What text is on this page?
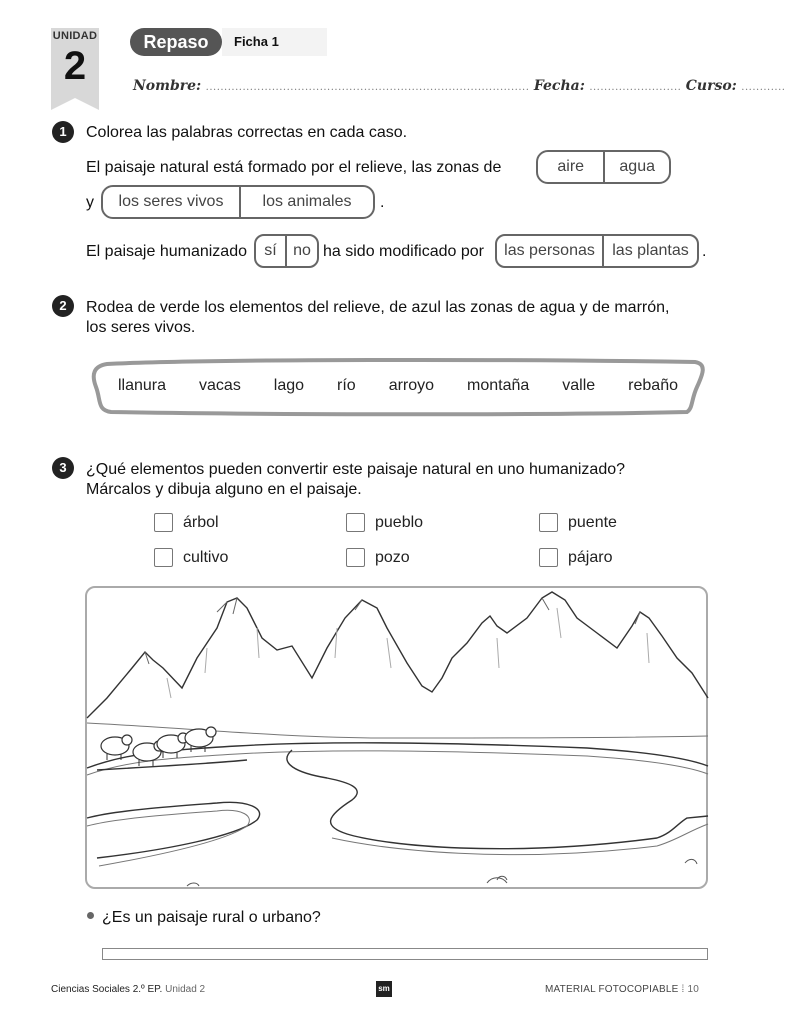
UNIDAD
2
Repaso	Ficha 1
Nombre: ........................................................................................ Fecha: ......................... Curso: ............
1	Colorea las palabras correctas en cada caso.
El paisaje natural está formado por el relieve, las zonas de	aire	agua
y	los seres vivos	los animales	.
El paisaje humanizado	sí	no ha sido modificado por	las personas	las plantas .
2	Rodea de verde los elementos del relieve, de azul las zonas de agua y de marrón,
los seres vivos.
llanura vacas lago río arroyo montaña valle rebaño
3	¿Qué elementos pueden convertir este paisaje natural en uno humanizado?
Márcalos y dibuja alguno en el paisaje.
árbol	pueblo	puente
cultivo	pozo	pájaro
¿Es un paisaje rural o urbano?
Ciencias Sociales 2.º EP. Unidad 2	sm	MATERIAL FOTOCOPIABLE ⁞ 10
